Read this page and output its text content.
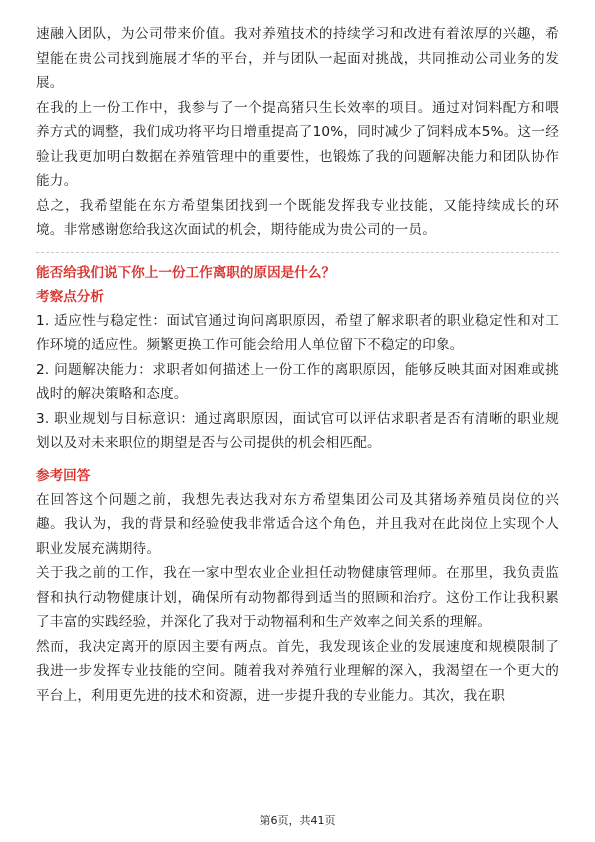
速融入团队，为公司带来价值。我对养殖技术的持续学习和改进有着浓厚的兴趣，希望能在贵公司找到施展才华的平台，并与团队一起面对挑战，共同推动公司业务的发展。

在我的上一份工作中，我参与了一个提高猪只生长效率的项目。通过对饲料配方和喂养方式的调整，我们成功将平均日增重提高了10%，同时减少了饲料成本5%。这一经验让我更加明白数据在养殖管理中的重要性，也锻炼了我的问题解决能力和团队协作能力。

总之，我希望能在东方希望集团找到一个既能发挥我专业技能，又能持续成长的环境。非常感谢您给我这次面试的机会，期待能成为贵公司的一员。

能否给我们说下你上一份工作离职的原因是什么？

考察点分析

1. 适应性与稳定性：面试官通过询问离职原因，希望了解求职者的职业稳定性和对工作环境的适应性。频繁更换工作可能会给用人单位留下不稳定的印象。

2. 问题解决能力：求职者如何描述上一份工作的离职原因，能够反映其面对困难或挑战时的解决策略和态度。

3. 职业规划与目标意识：通过离职原因，面试官可以评估求职者是否有清晰的职业规划以及对未来职位的期望是否与公司提供的机会相匹配。

参考回答

在回答这个问题之前，我想先表达我对东方希望集团公司及其猪场养殖员岗位的兴趣。我认为，我的背景和经验使我非常适合这个角色，并且我对在此岗位上实现个人职业发展充满期待。

关于我之前的工作，我在一家中型农业企业担任动物健康管理师。在那里，我负责监督和执行动物健康计划，确保所有动物都得到适当的照顾和治疗。这份工作让我积累了丰富的实践经验，并深化了我对于动物福利和生产效率之间关系的理解。

然而，我决定离开的原因主要有两点。首先，我发现该企业的发展速度和规模限制了我进一步发挥专业技能的空间。随着我对养殖行业理解的深入，我渴望在一个更大的平台上，利用更先进的技术和资源，进一步提升我的专业能力。其次，我在职

第6页，共41页
